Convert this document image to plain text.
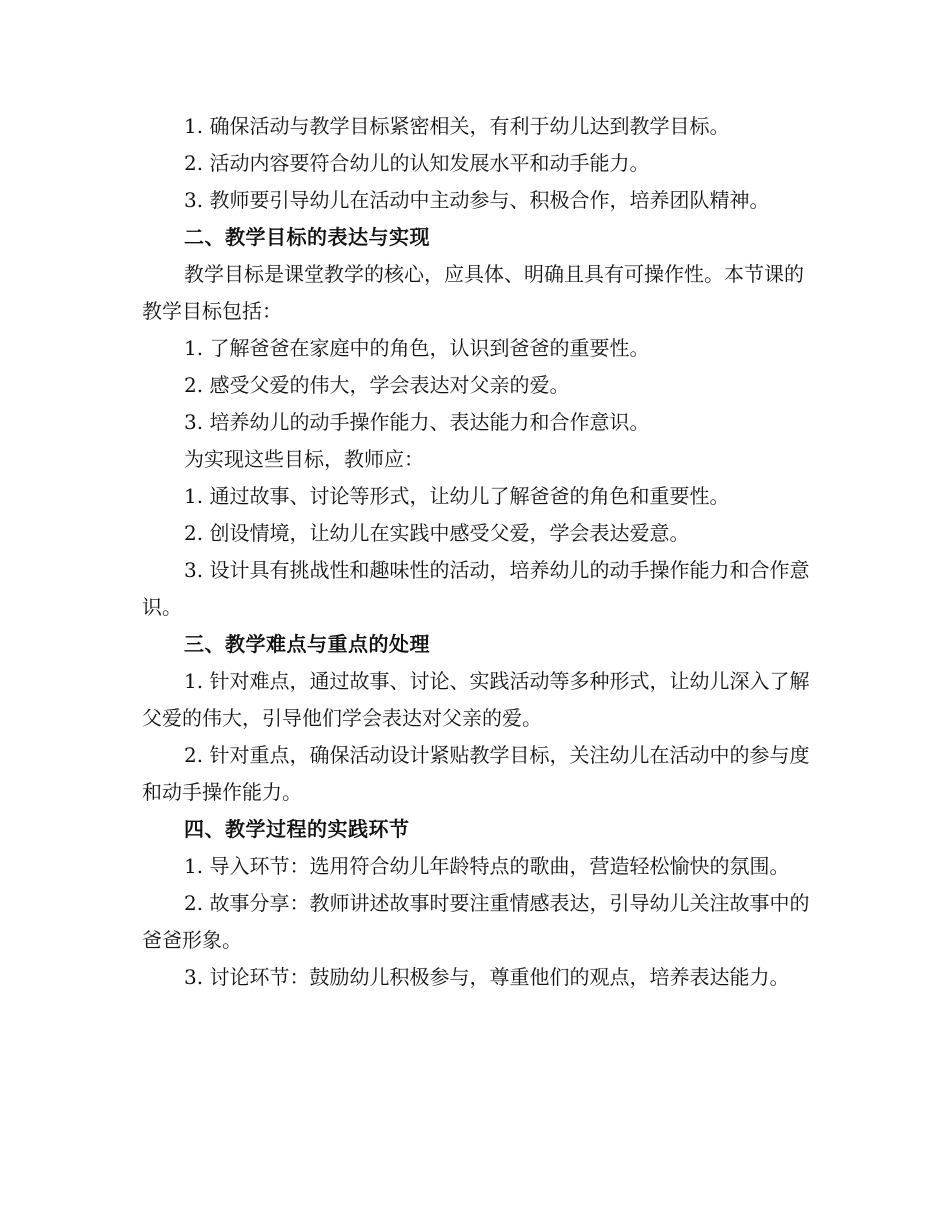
1. 确保活动与教学目标紧密相关，有利于幼儿达到教学目标。

2. 活动内容要符合幼儿的认知发展水平和动手能力。

3. 教师要引导幼儿在活动中主动参与、积极合作，培养团队精神。

二、教学目标的表达与实现

教学目标是课堂教学的核心，应具体、明确且具有可操作性。本节课的教学目标包括：

1. 了解爸爸在家庭中的角色，认识到爸爸的重要性。

2. 感受父爱的伟大，学会表达对父亲的爱。

3. 培养幼儿的动手操作能力、表达能力和合作意识。

为实现这些目标，教师应：

1. 通过故事、讨论等形式，让幼儿了解爸爸的角色和重要性。

2. 创设情境，让幼儿在实践中感受父爱，学会表达爱意。

3. 设计具有挑战性和趣味性的活动，培养幼儿的动手操作能力和合作意识。

三、教学难点与重点的处理

1. 针对难点，通过故事、讨论、实践活动等多种形式，让幼儿深入了解父爱的伟大，引导他们学会表达对父亲的爱。

2. 针对重点，确保活动设计紧贴教学目标，关注幼儿在活动中的参与度和动手操作能力。

四、教学过程的实践环节

1. 导入环节：选用符合幼儿年龄特点的歌曲，营造轻松愉快的氛围。

2. 故事分享：教师讲述故事时要注重情感表达，引导幼儿关注故事中的爸爸形象。

3. 讨论环节：鼓励幼儿积极参与，尊重他们的观点，培养表达能力。
